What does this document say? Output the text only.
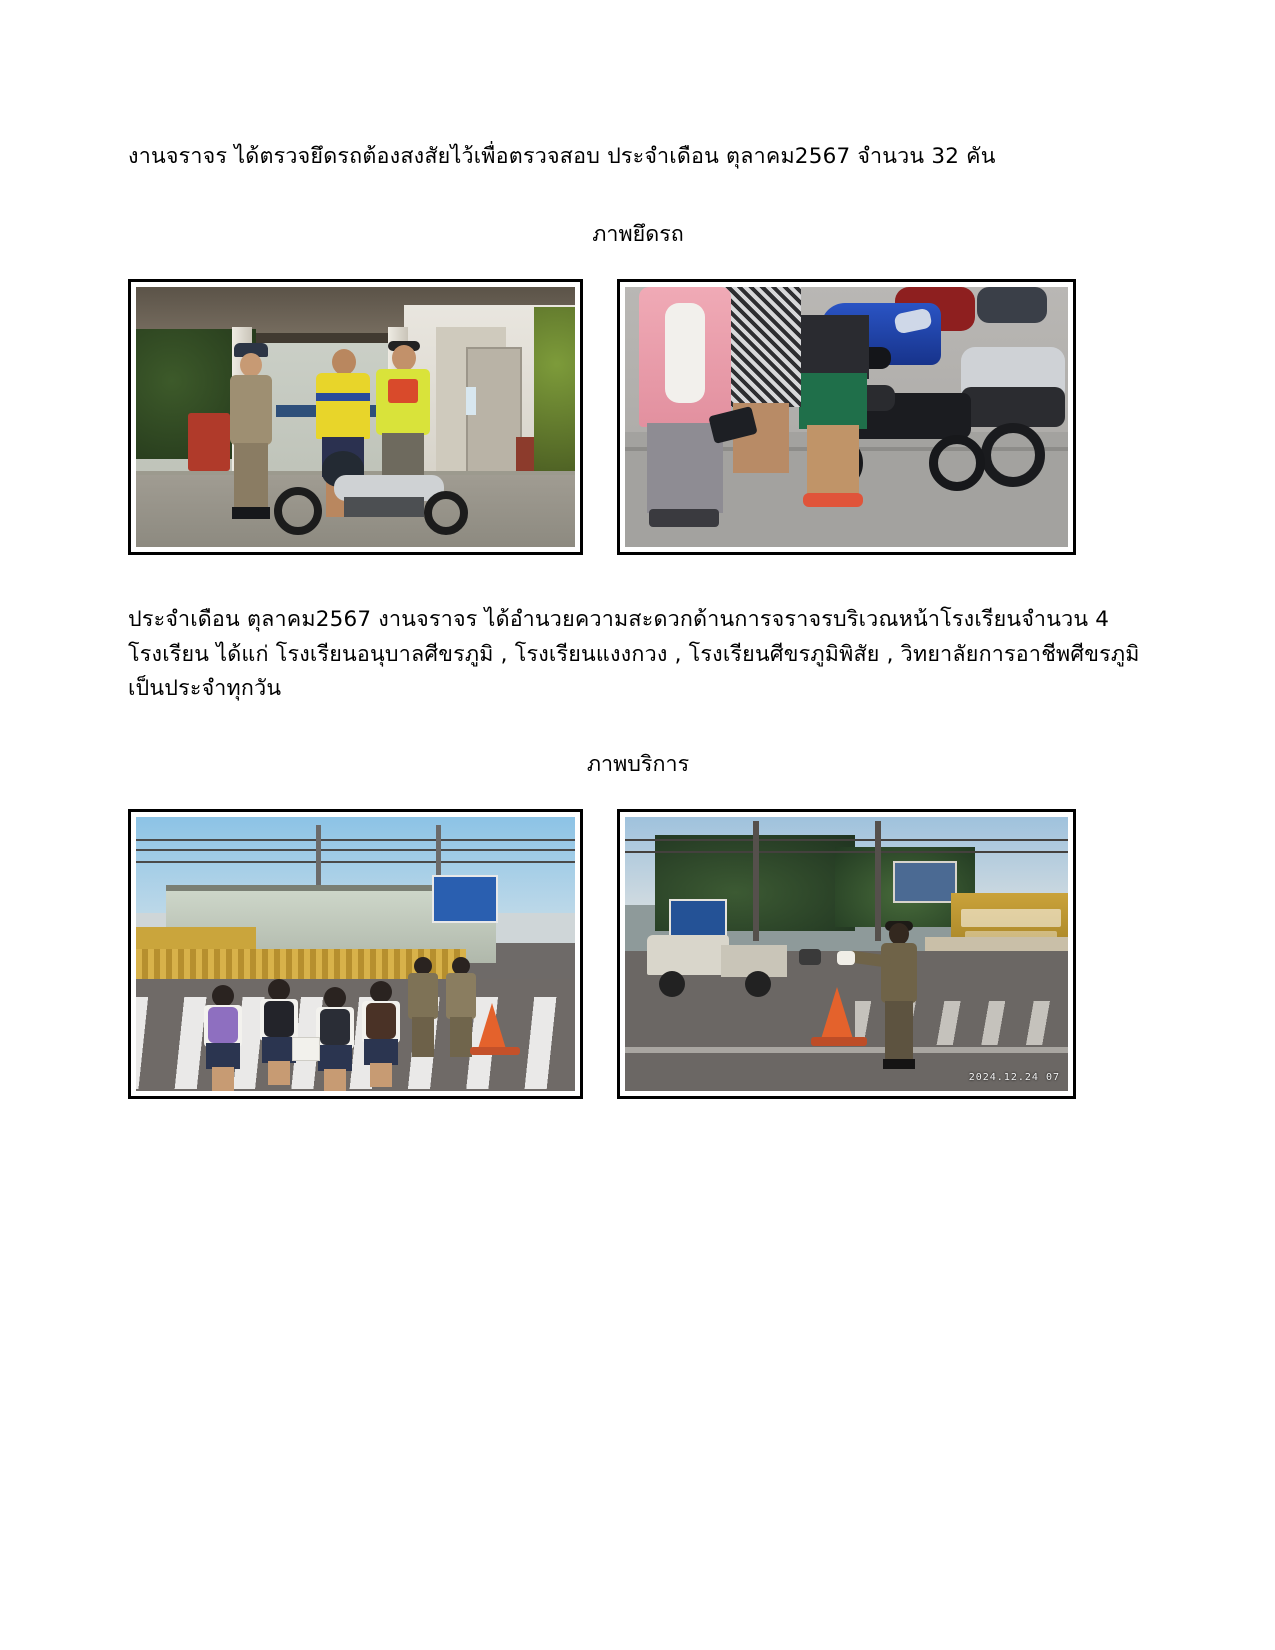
งานจราจร ได้ตรวจยึดรถต้องสงสัยไว้เพื่อตรวจสอบ ประจำเดือน ตุลาคม2567 จำนวน 32 คัน

ภาพยึดรถ

ประจำเดือน ตุลาคม2567 งานจราจร ได้อำนวยความสะดวกด้านการจราจรบริเวณหน้าโรงเรียนจำนวน 4 โรงเรียน ได้แก่ โรงเรียนอนุบาลศีขรภูมิ , โรงเรียนแงงกวง , โรงเรียนศีขรภูมิพิสัย , วิทยาลัยการอาชีพศีขรภูมิ เป็นประจำทุกวัน

ภาพบริการ

2024.12.24 07
